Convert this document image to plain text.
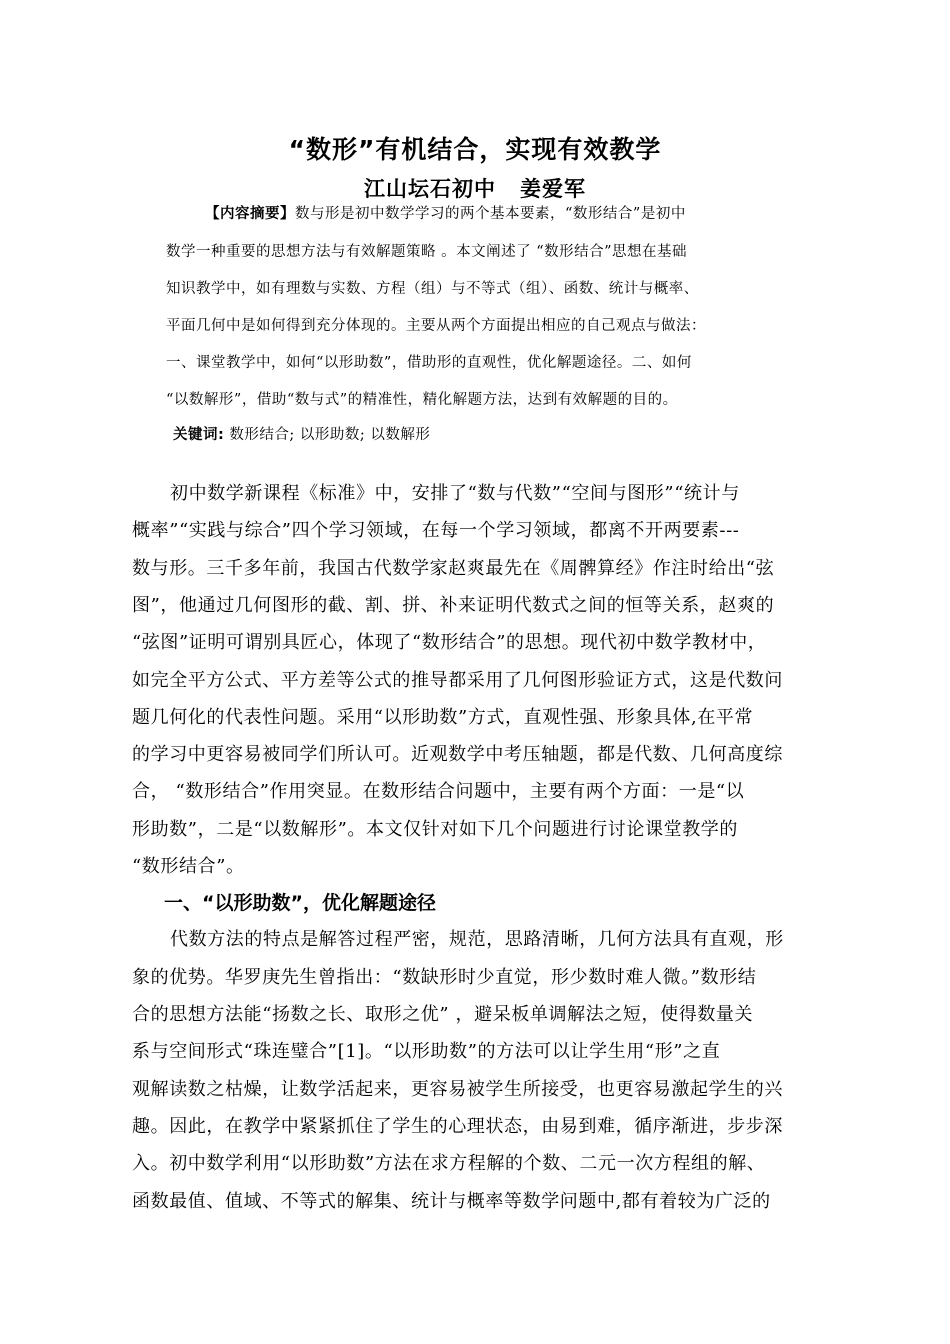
“数形”有机结合，实现有效教学
江山坛石初中 姜爱军
【内容摘要】数与形是初中数学学习的两个基本要素，“数形结合”是初中
数学一种重要的思想方法与有效解题策略 。本文阐述了 “数形结合”思想在基础
知识教学中，如有理数与实数、方程（组）与不等式（组）、函数、统计与概率、
平面几何中是如何得到充分体现的。主要从两个方面提出相应的自己观点与做法：
一、课堂教学中，如何“以形助数”，借助形的直观性，优化解题途径。二、如何
“以数解形”，借助“数与式”的精准性，精化解题方法，达到有效解题的目的。
关键词: 数形结合; 以形助数; 以数解形
初中数学新课程《标准》中，安排了“数与代数”“空间与图形”“统计与
概率”“实践与综合”四个学习领域，在每一个学习领域，都离不开两要素---
数与形。三千多年前，我国古代数学家赵爽最先在《周髀算经》作注时给出“弦
图”，他通过几何图形的截、割、拼、补来证明代数式之间的恒等关系，赵爽的
“弦图”证明可谓别具匠心，体现了“数形结合”的思想。现代初中数学教材中，
如完全平方公式、平方差等公式的推导都采用了几何图形验证方式，这是代数问
题几何化的代表性问题。采用“以形助数”方式，直观性强、形象具体,在平常
的学习中更容易被同学们所认可。近观数学中考压轴题，都是代数、几何高度综
合， “数形结合”作用突显。在数形结合问题中，主要有两个方面：一是“以
形助数”，二是“以数解形”。本文仅针对如下几个问题进行讨论课堂教学的
“数形结合”。
一、“以形助数”，优化解题途径
代数方法的特点是解答过程严密，规范，思路清晰，几何方法具有直观，形
象的优势。华罗庚先生曾指出：“数缺形时少直觉，形少数时难人微。”数形结
合的思想方法能“扬数之长、取形之优” ，避呆板单调解法之短，使得数量关
系与空间形式“珠连璧合”[1]。“以形助数”的方法可以让学生用“形”之直
观解读数之枯燥，让数学活起来，更容易被学生所接受，也更容易激起学生的兴
趣。因此，在教学中紧紧抓住了学生的心理状态，由易到难，循序渐进，步步深
入。初中数学利用“以形助数”方法在求方程解的个数、二元一次方程组的解、
函数最值、值域、不等式的解集、统计与概率等数学问题中,都有着较为广泛的
